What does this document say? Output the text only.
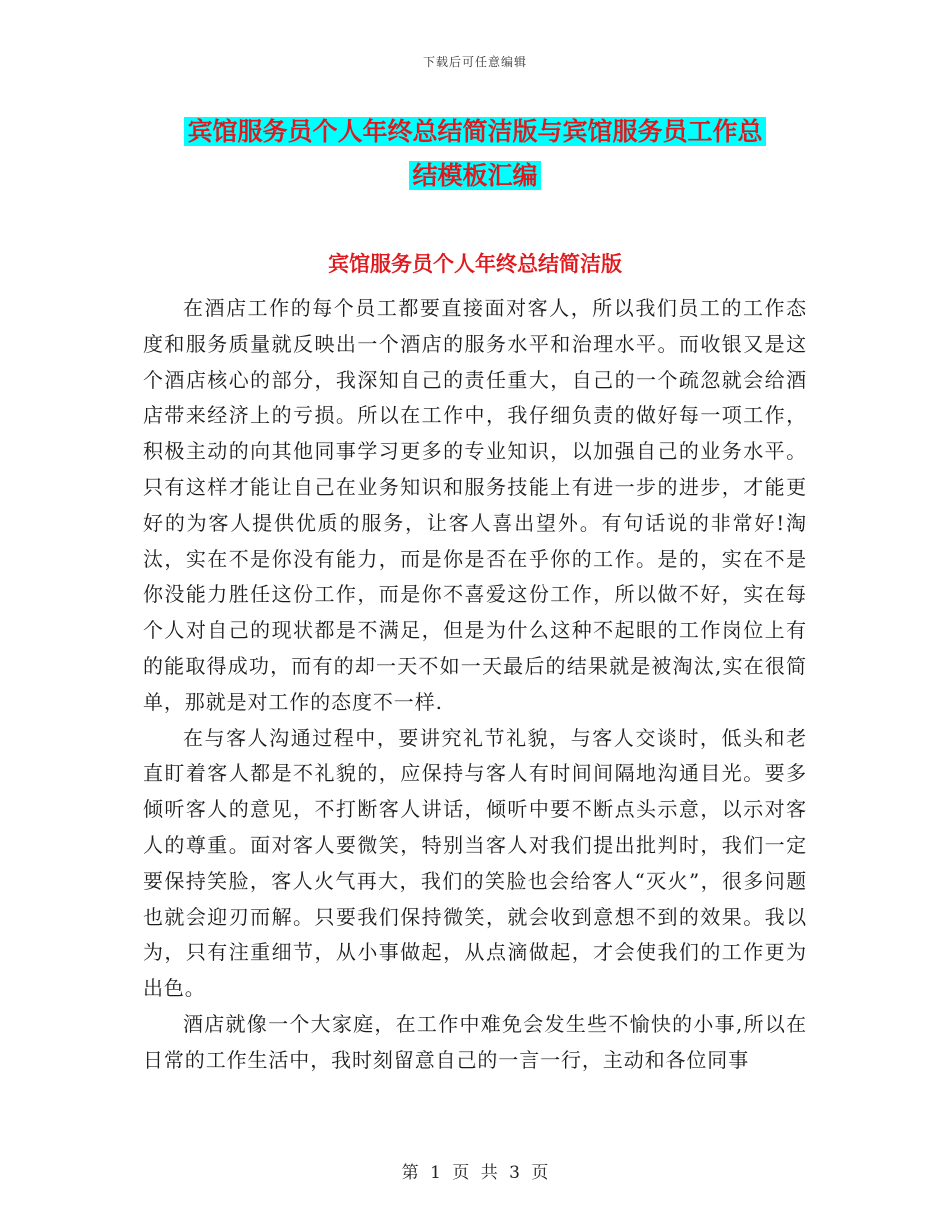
下载后可任意编辑
宾馆服务员个人年终总结简洁版与宾馆服务员工作总
结模板汇编
宾馆服务员个人年终总结简洁版

在酒店工作的每个员工都要直接面对客人，所以我们员工的工作态度和服务质量就反映出一个酒店的服务水平和治理水平。而收银又是这个酒店核心的部分，我深知自己的责任重大，自己的一个疏忽就会给酒店带来经济上的亏损。所以在工作中，我仔细负责的做好每一项工作，积极主动的向其他同事学习更多的专业知识，以加强自己的业务水平。只有这样才能让自己在业务知识和服务技能上有进一步的进步，才能更好的为客人提供优质的服务，让客人喜出望外。有句话说的非常好!淘汰，实在不是你没有能力，而是你是否在乎你的工作。是的，实在不是你没能力胜任这份工作，而是你不喜爱这份工作，所以做不好，实在每个人对自己的现状都是不满足，但是为什么这种不起眼的工作岗位上有的能取得成功，而有的却一天不如一天最后的结果就是被淘汰,实在很简单，那就是对工作的态度不一样.

在与客人沟通过程中，要讲究礼节礼貌，与客人交谈时，低头和老直盯着客人都是不礼貌的，应保持与客人有时间间隔地沟通目光。要多倾听客人的意见，不打断客人讲话，倾听中要不断点头示意，以示对客人的尊重。面对客人要微笑，特别当客人对我们提出批判时，我们一定要保持笑脸，客人火气再大，我们的笑脸也会给客人“灭火”，很多问题也就会迎刃而解。只要我们保持微笑，就会收到意想不到的效果。我以为，只有注重细节，从小事做起，从点滴做起，才会使我们的工作更为出色。

酒店就像一个大家庭，在工作中难免会发生些不愉快的小事,所以在日常的工作生活中，我时刻留意自己的一言一行，主动和各位同事

第 1 页 共 3 页
